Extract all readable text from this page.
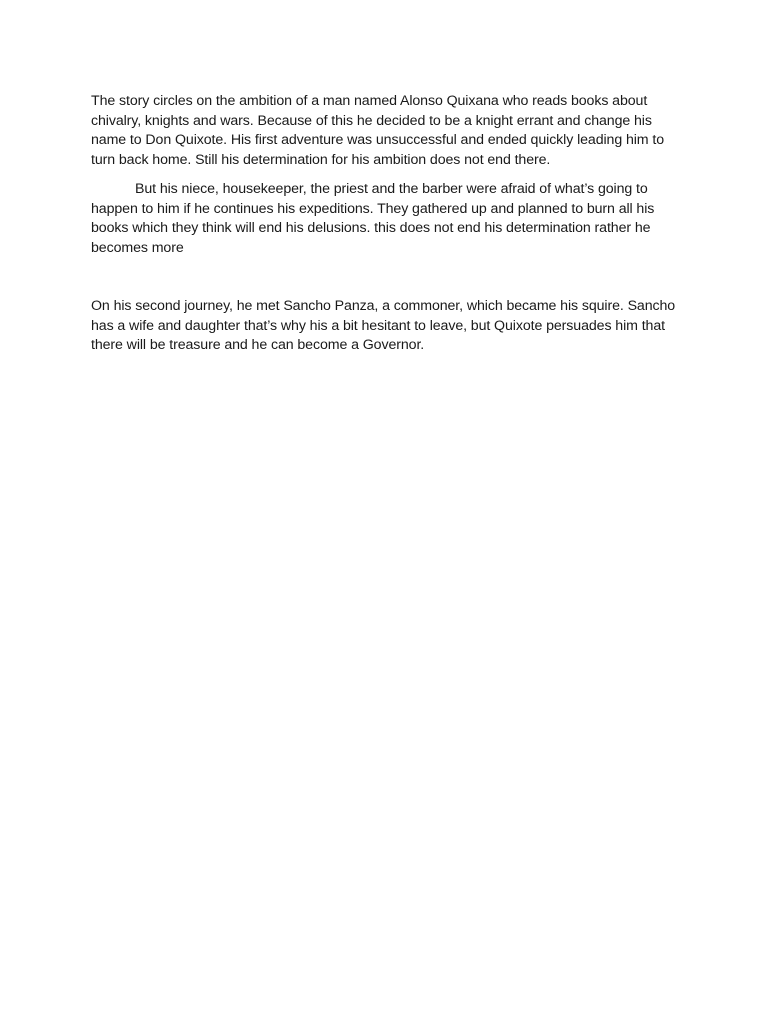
The story circles on the ambition of a man named Alonso Quixana who reads books about chivalry, knights and wars. Because of this he decided to be a knight errant and change his name to Don Quixote. His first adventure was unsuccessful and ended quickly leading him to turn back home. Still his determination for his ambition does not end there.

But his niece, housekeeper, the priest and the barber were afraid of what’s going to happen to him if he continues his expeditions. They gathered up and planned to burn all his books which they think will end his delusions. this does not end his determination rather he becomes more

On his second journey, he met Sancho Panza, a commoner, which became his squire. Sancho has a wife and daughter that’s why his a bit hesitant to leave, but Quixote persuades him that there will be treasure and he can become a Governor.
